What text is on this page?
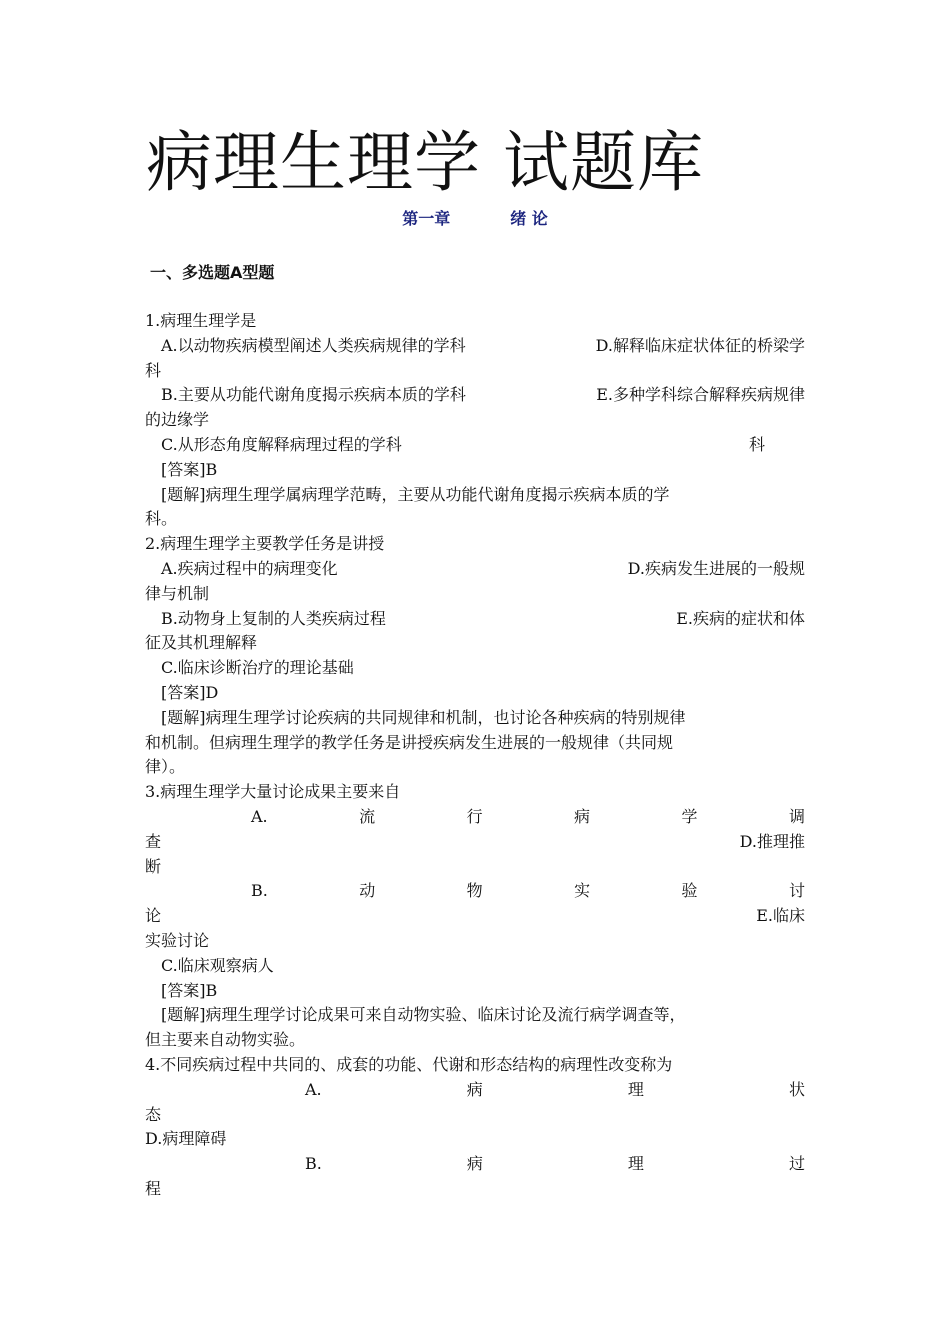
病理生理学 试题库
第一章	绪 论
一、多选题A型题
1.病理生理学是
A.以动物疾病模型阐述人类疾病规律的学科	D.解释临床症状体征的桥梁学
科
B.主要从功能代谢角度揭示疾病本质的学科	E.多种学科综合解释疾病规律
的边缘学
C.从形态角度解释病理过程的学科	科
[答案]B
[题解]病理生理学属病理学范畴，主要从功能代谢角度揭示疾病本质的学
科。
2.病理生理学主要教学任务是讲授
A.疾病过程中的病理变化	D.疾病发生进展的一般规
律与机制
B.动物身上复制的人类疾病过程	E.疾病的症状和体
征及其机理解释
C.临床诊断治疗的理论基础
[答案]D
[题解]病理生理学讨论疾病的共同规律和机制，也讨论各种疾病的特别规律
和机制。但病理生理学的教学任务是讲授疾病发生进展的一般规律（共同规
律）。
3.病理生理学大量讨论成果主要来自
A.	流	行	病	学	调
查	D.推理推
断
B.	动	物	实	验	讨
论	E.临床
实验讨论
C.临床观察病人
[答案]B
[题解]病理生理学讨论成果可来自动物实验、临床讨论及流行病学调查等，
但主要来自动物实验。
4.不同疾病过程中共同的、成套的功能、代谢和形态结构的病理性改变称为
A.	病	理	状
态
D.病理障碍
B.	病	理	过
程
